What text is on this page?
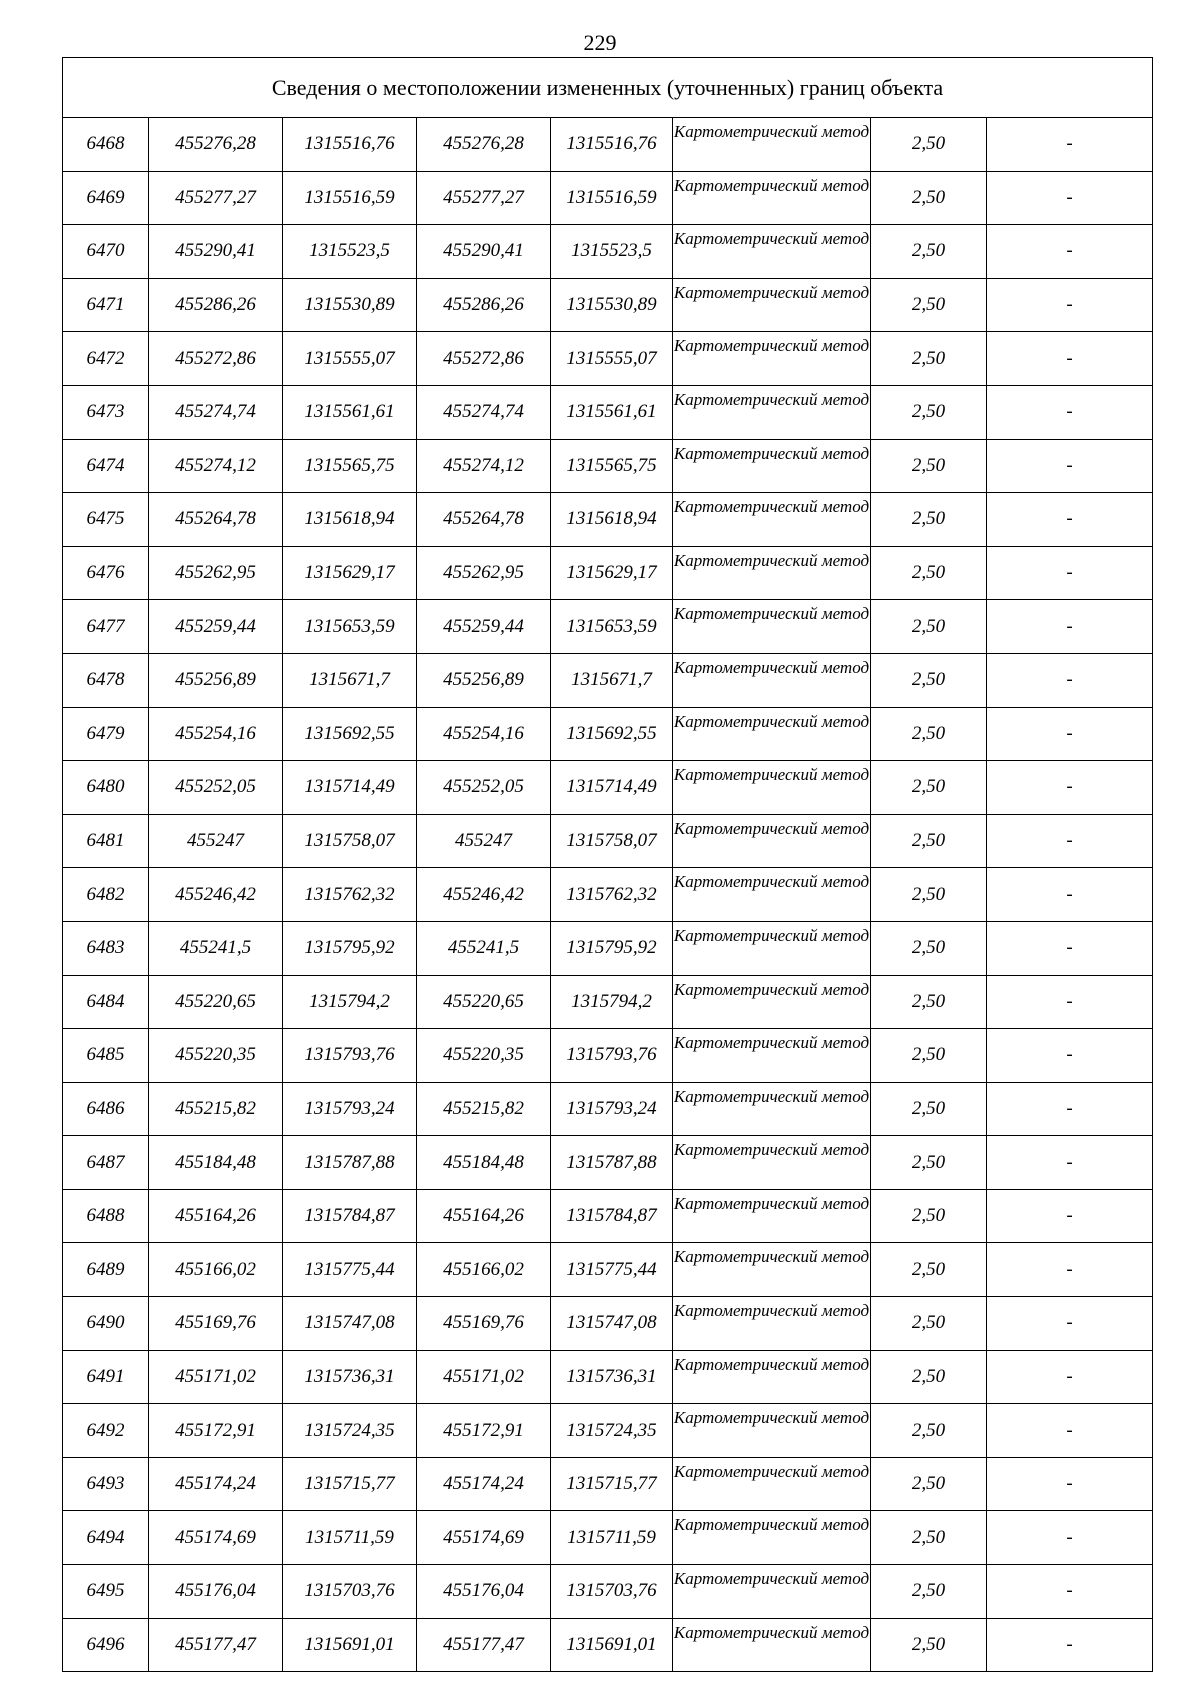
229
Сведения о местоположении измененных (уточненных) границ объекта							
6468	455276,28	1315516,76	455276,28	1315516,76	Картометрический метод	2,50	-
6469	455277,27	1315516,59	455277,27	1315516,59	Картометрический метод	2,50	-
6470	455290,41	1315523,5	455290,41	1315523,5	Картометрический метод	2,50	-
6471	455286,26	1315530,89	455286,26	1315530,89	Картометрический метод	2,50	-
6472	455272,86	1315555,07	455272,86	1315555,07	Картометрический метод	2,50	-
6473	455274,74	1315561,61	455274,74	1315561,61	Картометрический метод	2,50	-
6474	455274,12	1315565,75	455274,12	1315565,75	Картометрический метод	2,50	-
6475	455264,78	1315618,94	455264,78	1315618,94	Картометрический метод	2,50	-
6476	455262,95	1315629,17	455262,95	1315629,17	Картометрический метод	2,50	-
6477	455259,44	1315653,59	455259,44	1315653,59	Картометрический метод	2,50	-
6478	455256,89	1315671,7	455256,89	1315671,7	Картометрический метод	2,50	-
6479	455254,16	1315692,55	455254,16	1315692,55	Картометрический метод	2,50	-
6480	455252,05	1315714,49	455252,05	1315714,49	Картометрический метод	2,50	-
6481	455247	1315758,07	455247	1315758,07	Картометрический метод	2,50	-
6482	455246,42	1315762,32	455246,42	1315762,32	Картометрический метод	2,50	-
6483	455241,5	1315795,92	455241,5	1315795,92	Картометрический метод	2,50	-
6484	455220,65	1315794,2	455220,65	1315794,2	Картометрический метод	2,50	-
6485	455220,35	1315793,76	455220,35	1315793,76	Картометрический метод	2,50	-
6486	455215,82	1315793,24	455215,82	1315793,24	Картометрический метод	2,50	-
6487	455184,48	1315787,88	455184,48	1315787,88	Картометрический метод	2,50	-
6488	455164,26	1315784,87	455164,26	1315784,87	Картометрический метод	2,50	-
6489	455166,02	1315775,44	455166,02	1315775,44	Картометрический метод	2,50	-
6490	455169,76	1315747,08	455169,76	1315747,08	Картометрический метод	2,50	-
6491	455171,02	1315736,31	455171,02	1315736,31	Картометрический метод	2,50	-
6492	455172,91	1315724,35	455172,91	1315724,35	Картометрический метод	2,50	-
6493	455174,24	1315715,77	455174,24	1315715,77	Картометрический метод	2,50	-
6494	455174,69	1315711,59	455174,69	1315711,59	Картометрический метод	2,50	-
6495	455176,04	1315703,76	455176,04	1315703,76	Картометрический метод	2,50	-
6496	455177,47	1315691,01	455177,47	1315691,01	Картометрический метод	2,50	-
